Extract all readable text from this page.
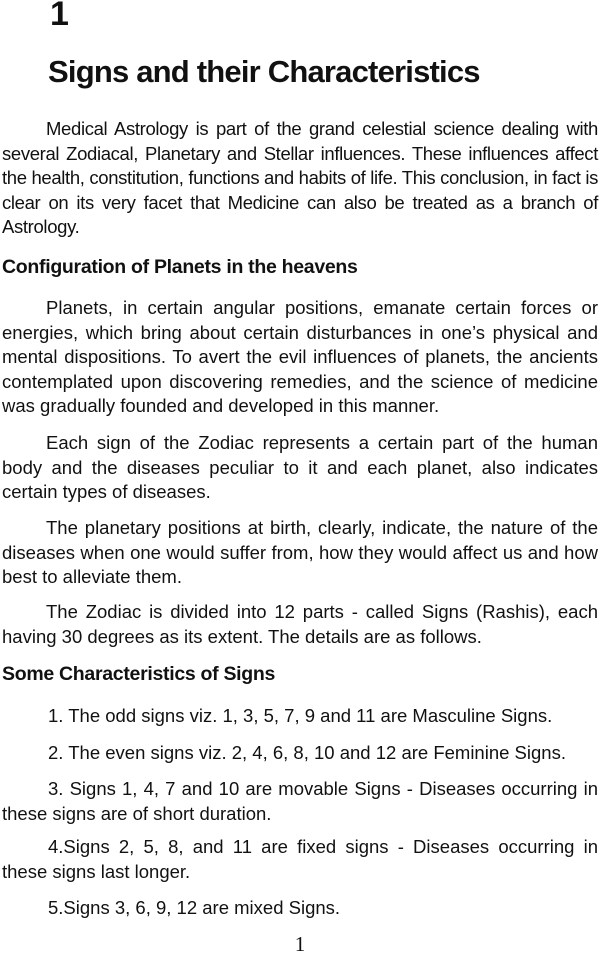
1
Signs and their Characteristics

Medical Astrology is part of the grand celestial science dealing with several Zodiacal, Planetary and Stellar influences. These influences affect the health, constitution, functions and habits of life. This conclusion, in fact is clear on its very facet that Medicine can also be treated as a branch of Astrology.

Configuration of Planets in the heavens

Planets, in certain angular positions, emanate certain forces or energies, which bring about certain disturbances in one’s physical and mental dispositions. To avert the evil influences of planets, the ancients contemplated upon discovering remedies, and the science of medicine was gradually founded and developed in this manner.

Each sign of the Zodiac represents a certain part of the human body and the diseases peculiar to it and each planet, also indicates certain types of diseases.

The planetary positions at birth, clearly, indicate, the nature of the diseases when one would suffer from, how they would affect us and how best to alleviate them.

The Zodiac is divided into 12 parts - called Signs (Rashis), each having 30 degrees as its extent. The details are as follows.

Some Characteristics of Signs

1. The odd signs viz. 1, 3, 5, 7, 9 and 11 are Masculine Signs.

2. The even signs viz. 2, 4, 6, 8, 10 and 12 are Feminine Signs.

3. Signs 1, 4, 7 and 10 are movable Signs - Diseases occurring in these signs are of short duration.

4.Signs 2, 5, 8, and 11 are fixed signs - Diseases occurring in these signs last longer.

5.Signs 3, 6, 9, 12 are mixed Signs.

1
